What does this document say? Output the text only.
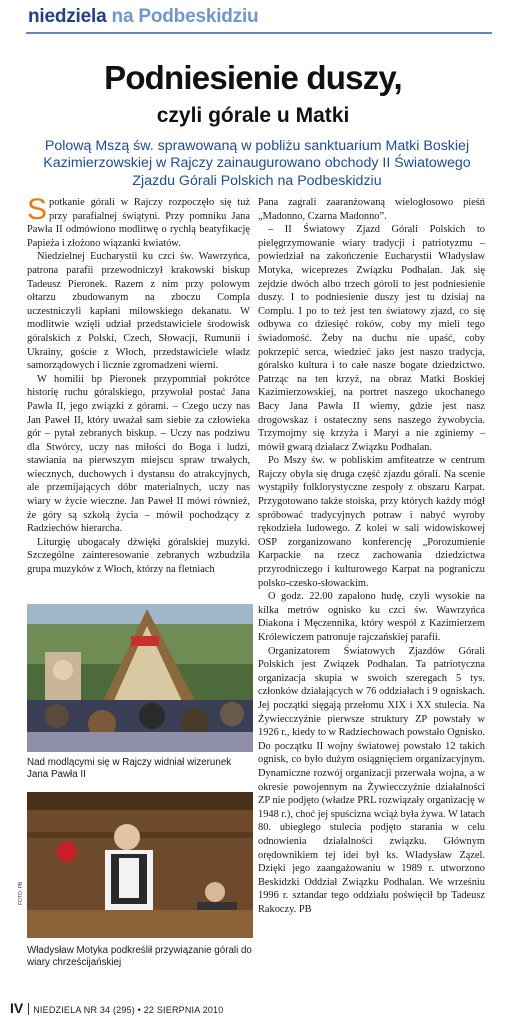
niedziela na Podbeskidziu
Podniesienie duszy,
czyli górale u Matki
Polową Mszą św. sprawowaną w pobliżu sanktuarium Matki Boskiej Kazimierzowskiej w Rajczy zainaugurowano obchody II Światowego Zjazdu Górali Polskich na Podbeskidziu

Spotkanie górali w Rajczy rozpoczęło się tuż przy parafialnej świątyni. Przy pomniku Jana Pawła II odmówiono modlitwę o rychłą beatyfikację Papieża i złożono wiązanki kwiatów.

Niedzielnej Eucharystii ku czci św. Wawrzyńca, patrona parafii przewodniczył krakowski biskup Tadeusz Pieronek. Razem z nim przy polowym ołtarzu zbudowanym na zboczu Compla uczestniczyli kapłani milowskiego dekanatu. W modlitwie wzięli udział przedstawiciele środowisk góralskich z Polski, Czech, Słowacji, Rumunii i Ukrainy, goście z Włoch, przedstawiciele władz samorządowych i licznie zgromadzeni wierni.

W homilii bp Pieronek przypomniał pokrótce historię ruchu góralskiego, przywołał postać Jana Pawła II, jego związki z górami. – Czego uczy nas Jan Paweł II, który uważał sam siebie za człowieka gór – pytał zebranych biskup. – Uczy nas podziwu dla Stwórcy, uczy nas miłości do Boga i ludzi, stawiania na pierwszym miejscu spraw trwałych, wiecznych, duchowych i dystansu do atrakcyjnych, ale przemijających dóbr materialnych, uczy nas wiary w życie wieczne. Jan Paweł II mówi również, że góry są szkołą życia – mówił pochodzący z Radziechów hierarcha.

Liturgię ubogacały dźwięki góralskiej muzyki. Szczególne zainteresowanie zebranych wzbudziła grupa muzyków z Włoch, którzy na fletniach

Nad modlącymi się w Rajczy widniał wizerunek Jana Pawła II
FOTO: PB
Władysław Motyka podkreślił przywiązanie górali do wiary chrześcijańskiej

Pana zagrali zaaranżowaną wielogłosowo pieśń „Madonno, Czarna Madonno”.

– II Światowy Zjazd Górali Polskich to pielęgrzymowanie wiary tradycji i patriotyzmu – powiedział na zakończenie Eucharystii Władysław Motyka, wiceprezes Związku Podhalan. Jak się zejdzie dwóch albo trzech góroli to jest podniesienie duszy. I to podniesienie duszy jest tu dzisiaj na Complu. I po to też jest ten światowy zjazd, co się odbywa co dziesięć roków, coby my mieli tego świadomość. Żeby na duchu nie upaść, coby pokrzepić serca, wiedzieć jako jest naszo tradycja, góralsko kultura i to całe nasze bogate dziedzictwo. Patrząc na ten krzyż, na obraz Matki Boskiej Kazimierzowskiej, na portret naszego ukochanego Bacy Jana Pawła II wiemy, gdzie jest nasz drogowskaz i ostateczny sens naszego żywobycia. Trzymojmy się krzyża i Maryi a nie zginiemy – mówił gwarą działacz Związku Podhalan.

Po Mszy św. w pobliskim amfiteatrze w centrum Rajczy obyła się druga część zjazdu górali. Na scenie wystąpiły folklorystyczne zespoły z obszaru Karpat. Przygotowano także stoiska, przy których każdy mógł spróbować tradycyjnych potraw i nabyć wyroby rękodzieła ludowego. Z kolei w sali widowiskowej OSP zorganizowano konferencję „Porozumienie Karpackie na rzecz zachowania dziedzictwa przyrodniczego i kulturowego Karpat na pograniczu polsko-czesko-słowackim.

O godz. 22.00 zapalono hudę, czyli wysokie na kilka metrów ognisko ku czci św. Wawrzyńca Diakona i Męczennika, który wespół z Kazimierzem Królewiczem patronuje rajczańskiej parafii.

Organizatorem Światowych Zjazdów Górali Polskich jest Związek Podhalan. Ta patriotyczna organizacja skupia w swoich szeregach 5 tys. członków działających w 76 oddziałach i 9 ogniskach. Jej początki sięgają przełomu XIX i XX stulecia. Na Żywiecczyźnie pierwsze struktury ZP powstały w 1926 r., kiedy to w Radziechowach powstało Ognisko. Do początku II wojny światowej powstało 12 takich ognisk, co było dużym osiągnięciem organizacyjnym. Dynamiczne rozwój organizacji przerwała wojna, a w okresie powojennym na Żywiecczyźnie działalności ZP nie podjęto (władze PRL rozwiązały organizację w 1948 r.), choć jej spuścizna wciąż była żywa. W latach 80. ubiegłego stulecia podjęto starania w celu odnowienia działalności związku. Głównym orędownikiem tej idei był ks. Władysław Zązel. Dzięki jego zaangażowaniu w 1989 r. utworzono Beskidzki Oddział Związku Podhalan. We wrześniu 1996 r. sztandar tego oddziału poświęcił bp Tadeusz Rakoczy. PB

IV NIEDZIELA NR 34 (295) • 22 SIERPNIA 2010
